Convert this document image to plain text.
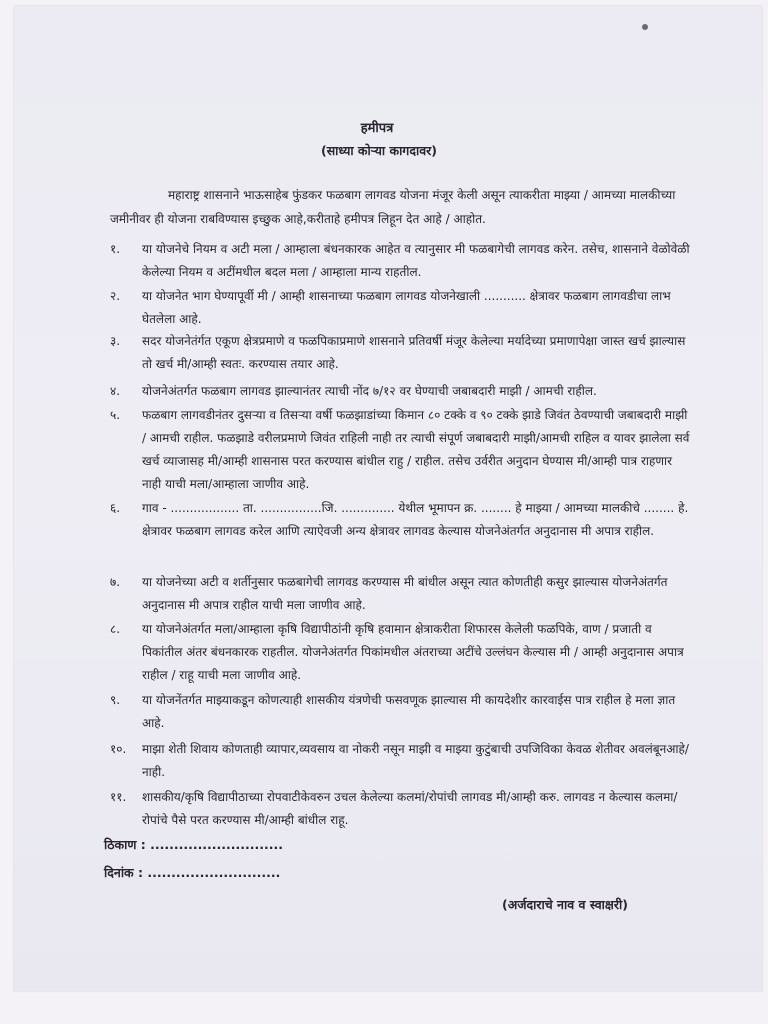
हमीपत्र
(साध्या कोऱ्या कागदावर)
महाराष्ट्र शासनाने भाऊसाहेब फुंडकर फळबाग लागवड योजना मंजूर केली असून त्याकरीता माझ्या / आमच्या मालकीच्या जमीनीवर ही योजना राबविण्यास इच्छुक आहे,करीताहे हमीपत्र लिहून देत आहे / आहोत.
१.	या योजनेचे नियम व अटी मला / आम्हाला बंधनकारक आहेत व त्यानुसार मी फळबागेची लागवड करेन. तसेच, शासनाने वेळोवेळी केलेल्या नियम व अटींमधील बदल मला / आम्हाला मान्य राहतील.
२.	या योजनेत भाग घेण्यापूर्वी मी / आम्ही शासनाच्या फळबाग लागवड योजनेखाली ........... क्षेत्रावर फळबाग लागवडीचा लाभ घेतलेला आहे.
३.	सदर योजनेतंर्गत एकूण क्षेत्रप्रमाणे व फळपिकाप्रमाणे शासनाने प्रतिवर्षी मंजूर केलेल्या मर्यादेच्या प्रमाणापेक्षा जास्त खर्च झाल्यास तो खर्च मी/आम्ही स्वतः. करण्यास तयार आहे.
४.	योजनेअंतर्गत फळबाग लागवड झाल्यानंतर त्याची नोंद ७/१२ वर घेण्याची जबाबदारी माझी / आमची राहील.
५.	फळबाग लागवडीनंतर दुसऱ्या व तिसऱ्या वर्षी फळझाडांच्या किमान ८० टक्के व ९० टक्के झाडे जिवंत ठेवण्याची जबाबदारी माझी / आमची राहील. फळझाडे वरीलप्रमाणे जिवंत राहिली नाही तर त्याची संपूर्ण जबाबदारी माझी/आमची राहिल व यावर झालेला सर्व खर्च व्याजासह मी/आम्ही शासनास परत करण्यास बांधील राहु / राहील. तसेच उर्वरीत अनुदान घेण्यास मी/आम्ही पात्र राहणार नाही याची मला/आम्हाला जाणीव आहे.
६.	गाव - .................. ता. ................जि. .............. येथील भूमापन क्र. ........ हे माझ्या / आमच्या मालकीचे ........ हे. क्षेत्रावर फळबाग लागवड करेल आणि त्याऐवजी अन्य क्षेत्रावर लागवड केल्यास योजनेअंतर्गत अनुदानास मी अपात्र राहील.
७.	या योजनेच्या अटी व शर्तीनुसार फळबागेची लागवड करण्यास मी बांधील असून त्यात कोणतीही कसुर झाल्यास योजनेअंतर्गत अनुदानास मी अपात्र राहील याची मला जाणीव आहे.
८.	या योजनेअंतर्गत मला/आम्हाला कृषि विद्यापीठांनी कृषि हवामान क्षेत्राकरीता शिफारस केलेली फळपिके, वाण / प्रजाती व पिकांतील अंतर बंधनकारक राहतील. योजनेअंतर्गत पिकांमधील अंतराच्या अटींचे उल्लंघन केल्यास मी / आम्ही अनुदानास अपात्र राहील / राहू याची मला जाणीव आहे.
९.	या योजनेंतर्गत माझ्याकडून कोणत्याही शासकीय यंत्रणेची फसवणूक झाल्यास मी कायदेशीर कारवाईस पात्र राहील हे मला ज्ञात आहे.
१०.	माझा शेती शिवाय कोणताही व्यापार,व्यवसाय वा नोकरी नसून माझी व माझ्या कुटुंबाची उपजिविका केवळ शेतीवर अवलंबूनआहे/ नाही.
११.	शासकीय/कृषि विद्यापीठाच्या रोपवाटीकेवरुन उचल केलेल्या कलमां/रोपांची लागवड मी/आम्ही करु. लागवड न केल्यास कलमा/रोपांचे पैसे परत करण्यास मी/आम्ही बांधील राहू.
ठिकाण : ............................
दिनांक : ............................
(अर्जदाराचे नाव व स्वाक्षरी)
